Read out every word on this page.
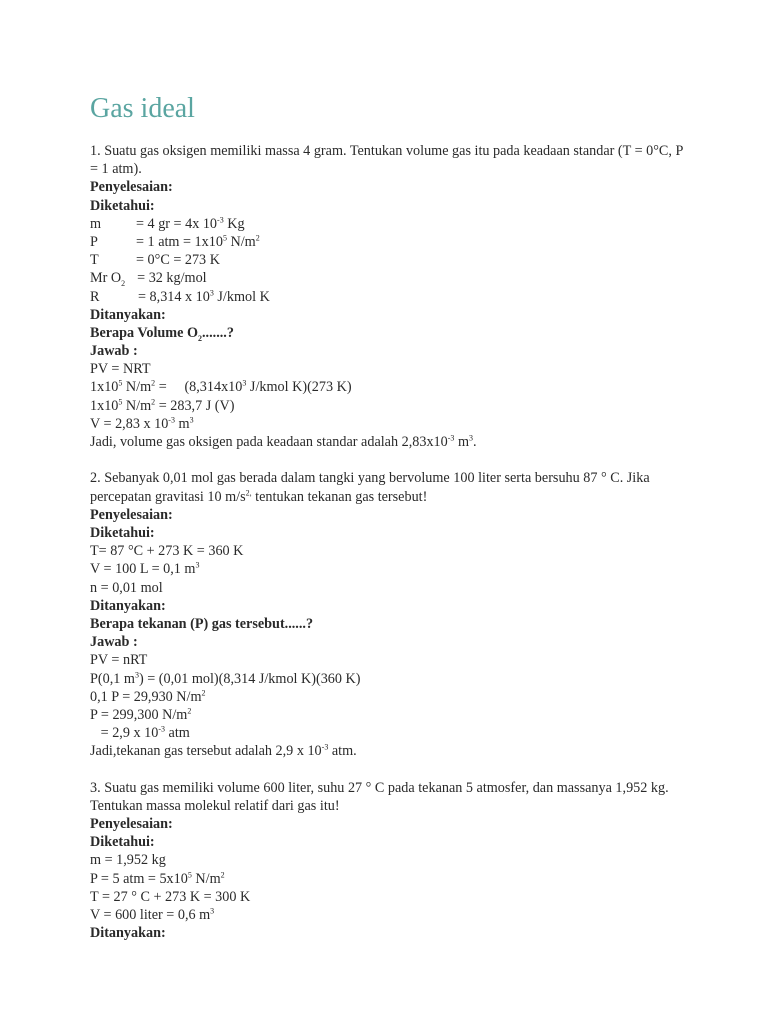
Gas ideal
1. Suatu gas oksigen memiliki massa 4 gram. Tentukan volume gas itu pada keadaan standar (T = 0°C, P = 1 atm).
Penyelesaian:
Diketahui:
m = 4 gr = 4x $10^{-3}$ Kg
P	= 1 atm = $1x10^5$ $N/m^2$
T	= 0°C = 273 K
Mr $O_2 = 32$ kg/mol
R	= 8,314 x $10^3$ J/kmol K
Ditanyakan:
Berapa Volume $O_2$.......?
Jawab :
PV = NRT
$1x10^5$ $N/m^2$ =     ($8,314x10^3$ J/kmol K)(273 K)
$1x10^5$ $N/m^2 = 283,7$ J (V)
V = 2,83 x $10^{-3}$ $m^3$
Jadi, volume gas oksigen pada keadaan standar adalah $2,83x10^{-3}$ $m^3$.
2. Sebanyak 0,01 mol gas berada dalam tangki yang bervolume 100 liter serta bersuhu 87 ° C. Jika percepatan gravitasi 10 $m/s^{2,}$ tentukan tekanan gas tersebut!
Penyelesaian:
Diketahui:
T= 87 °C + 273 K = 360 K
V = 100 L = 0,1 $m^3$
n = 0,01 mol
Ditanyakan:
Berapa tekanan (P) gas tersebut......?
Jawab :
PV = nRT
P(0,1 $m^3) = (0,01$ mol)(8,314 J/kmol K)(360 K)
0,1 P = 29,930 $N/m^2$
P = 299,300 $N/m^2$
= 2,9 x $10^{-3}$ atm
Jadi,tekanan gas tersebut adalah 2,9 x $10^{-3}$ atm.
3. Suatu gas memiliki volume 600 liter, suhu 27 ° C pada tekanan 5 atmosfer, dan massanya 1,952 kg. Tentukan massa molekul relatif dari gas itu!
Penyelesaian:
Diketahui:
m = 1,952 kg
P = 5 atm = $5x10^5$ $N/m^2$
T = 27 ° C + 273 K = 300 K
V = 600 liter = 0,6 $m^3$
Ditanyakan:
